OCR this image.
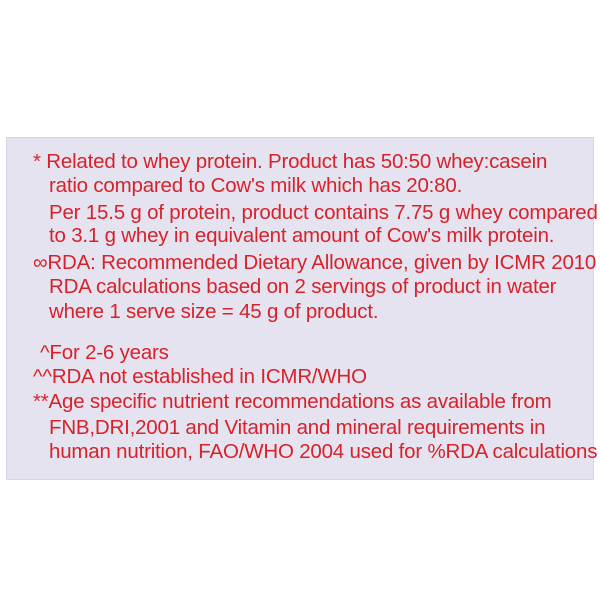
* Related to whey protein. Product has 50:50 whey:casein
ratio compared to Cow's milk which has 20:80.
Per 15.5 g of protein, product contains 7.75 g whey compared
to 3.1 g whey in equivalent amount of Cow's milk protein.
∞RDA: Recommended Dietary Allowance, given by ICMR 2010
RDA calculations based on 2 servings of product in water
where 1 serve size = 45 g of product.
^For 2-6 years
^^RDA not established in ICMR/WHO
**Age specific nutrient recommendations as available from
FNB,DRI,2001 and Vitamin and mineral requirements in
human nutrition, FAO/WHO 2004 used for %RDA calculations
